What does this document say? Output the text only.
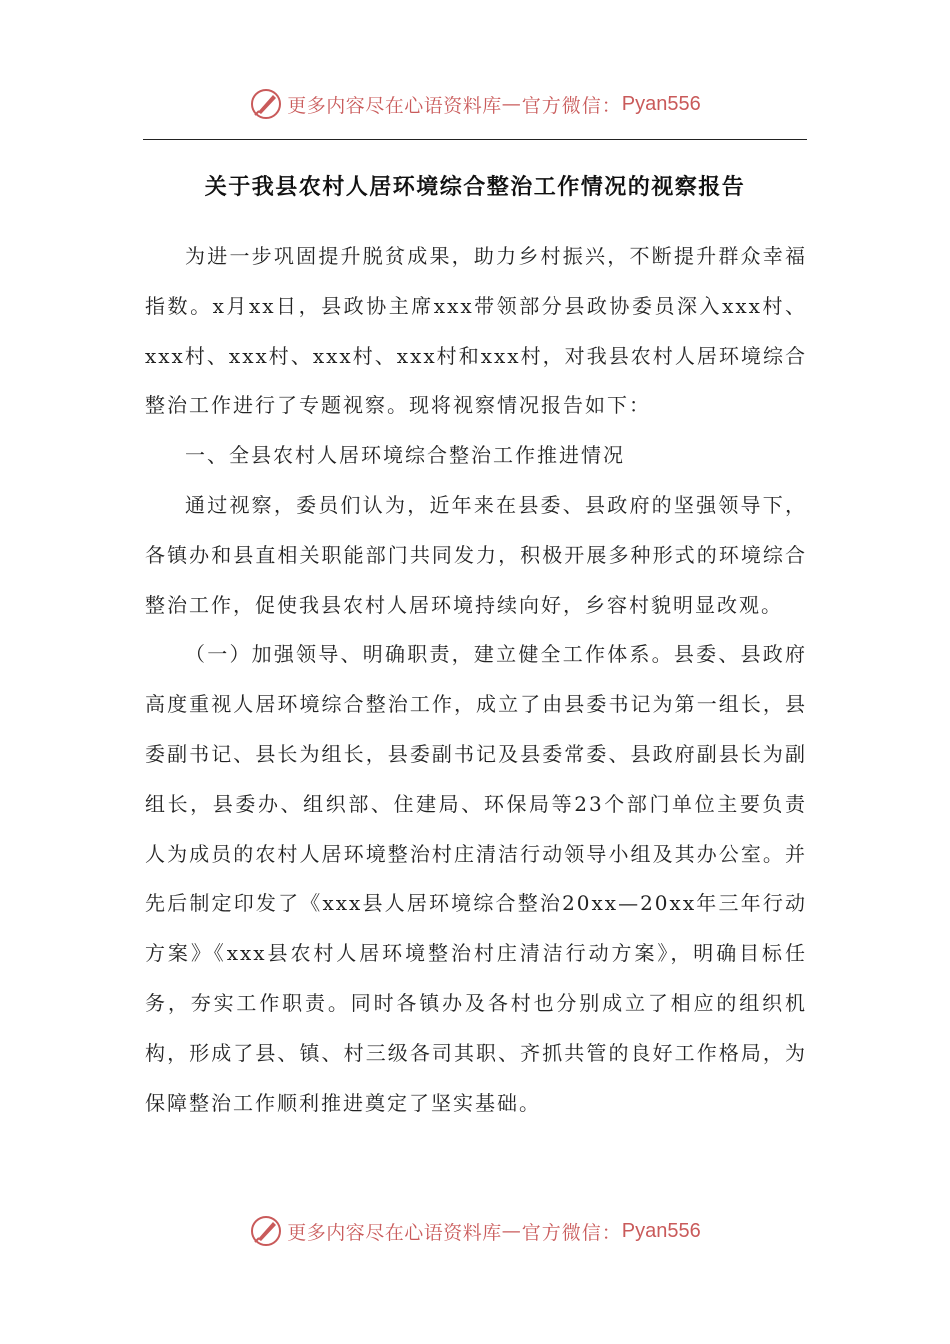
更多内容尽在心语资料库 — 官方微信： Pyan556
关于我县农村人居环境综合整治工作情况的视察报告

为进一步巩固提升脱贫成果，助力乡村振兴，不断提升群众幸福指数。x月xx日，县政协主席xxx带领部分县政协委员深入xxx村、xxx村、xxx村、xxx村、xxx村和xxx村，对我县农村人居环境综合整治工作进行了专题视察。现将视察情况报告如下：

一、全县农村人居环境综合整治工作推进情况

通过视察，委员们认为，近年来在县委、县政府的坚强领导下，各镇办和县直相关职能部门共同发力，积极开展多种形式的环境综合整治工作，促使我县农村人居环境持续向好，乡容村貌明显改观。

（一）加强领导、明确职责，建立健全工作体系。县委、县政府高度重视人居环境综合整治工作，成立了由县委书记为第一组长，县委副书记、县长为组长，县委副书记及县委常委、县政府副县长为副组长，县委办、组织部、住建局、环保局等23个部门单位主要负责人为成员的农村人居环境整治村庄清洁行动领导小组及其办公室。并先后制定印发了《xxx县人居环境综合整治20xx—20xx年三年行动方案》《xxx县农村人居环境整治村庄清洁行动方案》，明确目标任务，夯实工作职责。同时各镇办及各村也分别成立了相应的组织机构，形成了县、镇、村三级各司其职、齐抓共管的良好工作格局，为保障整治工作顺利推进奠定了坚实基础。

更多内容尽在心语资料库 — 官方微信： Pyan556
